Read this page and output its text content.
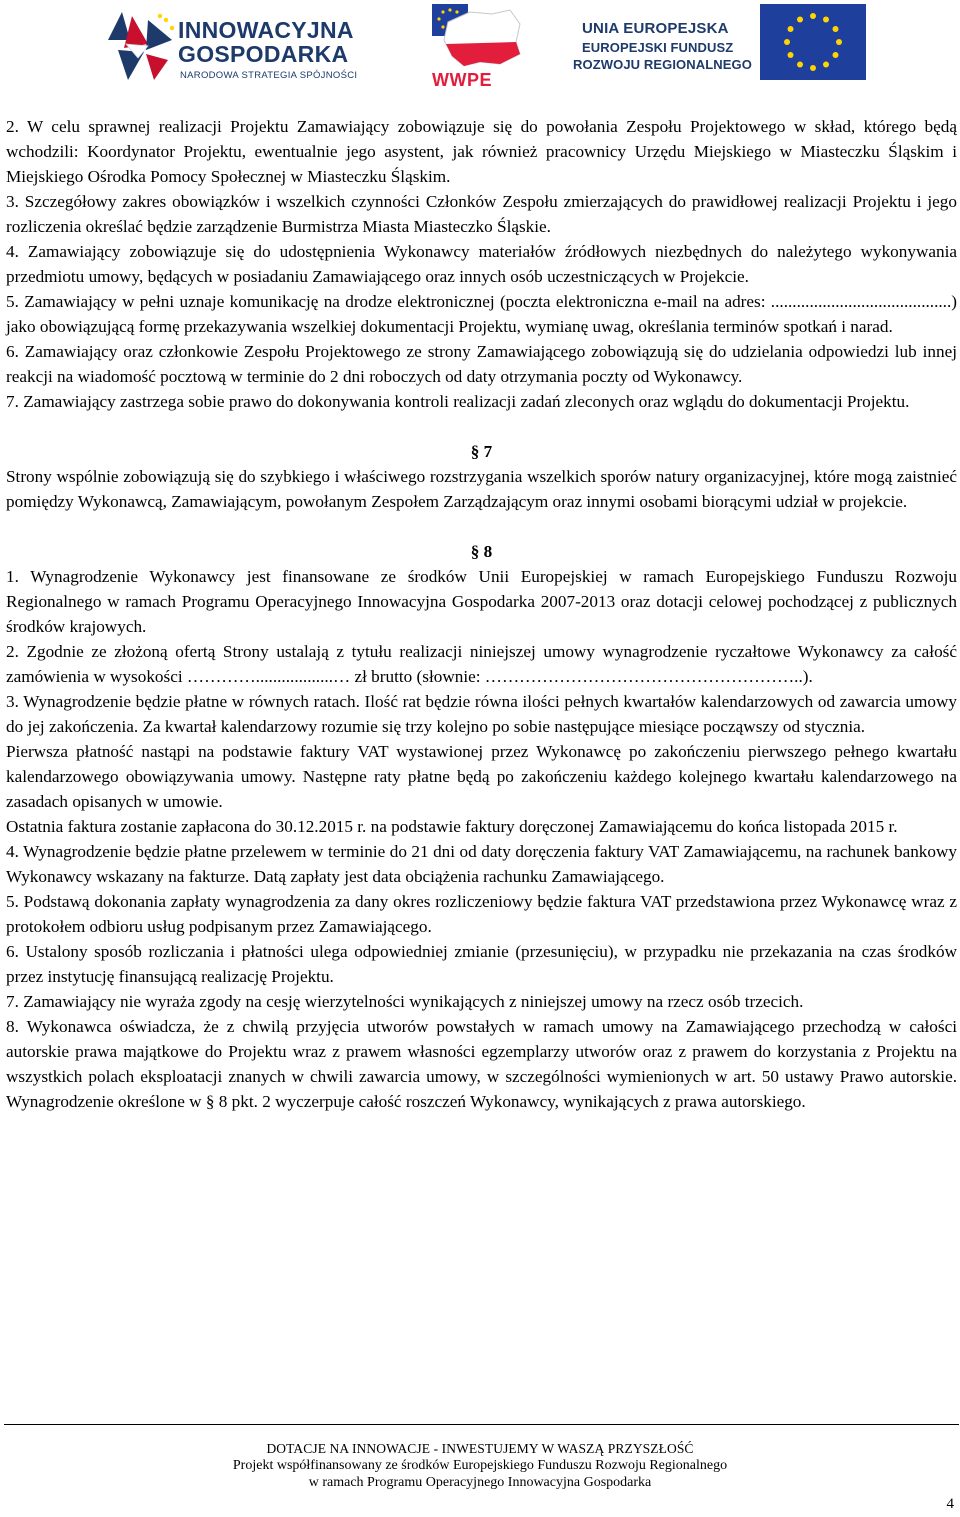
INNOWACYJNA
GOSPODARKA
NARODOWA STRATEGIA SPÓJNOŚCI	WWPE
UNIA EUROPEJSKA
EUROPEJSKI FUNDUSZ
ROZWOJU REGIONALNEGO

2. W celu sprawnej realizacji Projektu Zamawiający zobowiązuje się do powołania Zespołu Projektowego w skład, którego będą wchodzili: Koordynator Projektu, ewentualnie jego asystent, jak również pracownicy Urzędu Miejskiego w Miasteczku Śląskim i Miejskiego Ośrodka Pomocy Społecznej w Miasteczku Śląskim.

3. Szczegółowy zakres obowiązków i wszelkich czynności Członków Zespołu zmierzających do prawidłowej realizacji Projektu i jego rozliczenia określać będzie zarządzenie Burmistrza Miasta Miasteczko Śląskie.

4. Zamawiający zobowiązuje się do udostępnienia Wykonawcy materiałów źródłowych niezbędnych do należytego wykonywania przedmiotu umowy, będących w posiadaniu Zamawiającego oraz innych osób uczestniczących w Projekcie.

5. Zamawiający w pełni uznaje komunikację na drodze elektronicznej (poczta elektroniczna e-mail na adres: ..........................................) jako obowiązującą formę przekazywania wszelkiej dokumentacji Projektu, wymianę uwag, określania terminów spotkań i narad.

6. Zamawiający oraz członkowie Zespołu Projektowego ze strony Zamawiającego zobowiązują się do udzielania odpowiedzi lub innej reakcji na wiadomość pocztową w terminie do 2 dni roboczych od daty otrzymania poczty od Wykonawcy.

7. Zamawiający zastrzega sobie prawo do dokonywania kontroli realizacji zadań zleconych oraz wglądu do dokumentacji Projektu.

§ 7

Strony wspólnie zobowiązują się do szybkiego i właściwego rozstrzygania wszelkich sporów natury organizacyjnej, które mogą zaistnieć pomiędzy Wykonawcą, Zamawiającym, powołanym Zespołem Zarządzającym oraz innymi osobami biorącymi udział w projekcie.

§ 8

1. Wynagrodzenie Wykonawcy jest finansowane ze środków Unii Europejskiej w ramach Europejskiego Funduszu Rozwoju Regionalnego w ramach Programu Operacyjnego Innowacyjna Gospodarka 2007-2013 oraz dotacji celowej pochodzącej z publicznych środków krajowych.

2. Zgodnie ze złożoną ofertą Strony ustalają z tytułu realizacji niniejszej umowy wynagrodzenie ryczałtowe Wykonawcy za całość zamówienia w wysokości …………..................… zł brutto (słownie: ………………………………………………..).

3. Wynagrodzenie będzie płatne w równych ratach. Ilość rat będzie równa ilości pełnych kwartałów kalendarzowych od zawarcia umowy do jej zakończenia. Za kwartał kalendarzowy rozumie się trzy kolejno po sobie następujące miesiące począwszy od stycznia.

Pierwsza płatność nastąpi na podstawie faktury VAT wystawionej przez Wykonawcę po zakończeniu pierwszego pełnego kwartału kalendarzowego obowiązywania umowy. Następne raty płatne będą po zakończeniu każdego kolejnego kwartału kalendarzowego na zasadach opisanych w umowie.

Ostatnia faktura zostanie zapłacona do 30.12.2015 r. na podstawie faktury doręczonej Zamawiającemu do końca listopada 2015 r.

4. Wynagrodzenie będzie płatne przelewem w terminie do 21 dni od daty doręczenia faktury VAT Zamawiającemu, na rachunek bankowy Wykonawcy wskazany na fakturze. Datą zapłaty jest data obciążenia rachunku Zamawiającego.

5. Podstawą dokonania zapłaty wynagrodzenia za dany okres rozliczeniowy będzie faktura VAT przedstawiona przez Wykonawcę wraz z protokołem odbioru usług podpisanym przez Zamawiającego.

6. Ustalony sposób rozliczania i płatności ulega odpowiedniej zmianie (przesunięciu), w przypadku nie przekazania na czas środków przez instytucję finansującą realizację Projektu.

7. Zamawiający nie wyraża zgody na cesję wierzytelności wynikających z niniejszej umowy na rzecz osób trzecich.

8. Wykonawca oświadcza, że z chwilą przyjęcia utworów powstałych w ramach umowy na Zamawiającego przechodzą w całości autorskie prawa majątkowe do Projektu wraz z prawem własności egzemplarzy utworów oraz z prawem do korzystania z Projektu na wszystkich polach eksploatacji znanych w chwili zawarcia umowy, w szczególności wymienionych w art. 50 ustawy Prawo autorskie. Wynagrodzenie określone w § 8 pkt. 2 wyczerpuje całość roszczeń Wykonawcy, wynikających z prawa autorskiego.

DOTACJE NA INNOWACJE - INWESTUJEMY W WASZĄ PRZYSZŁOŚĆ
Projekt współfinansowany ze środków Europejskiego Funduszu Rozwoju Regionalnego
w ramach Programu Operacyjnego Innowacyjna Gospodarka
4
